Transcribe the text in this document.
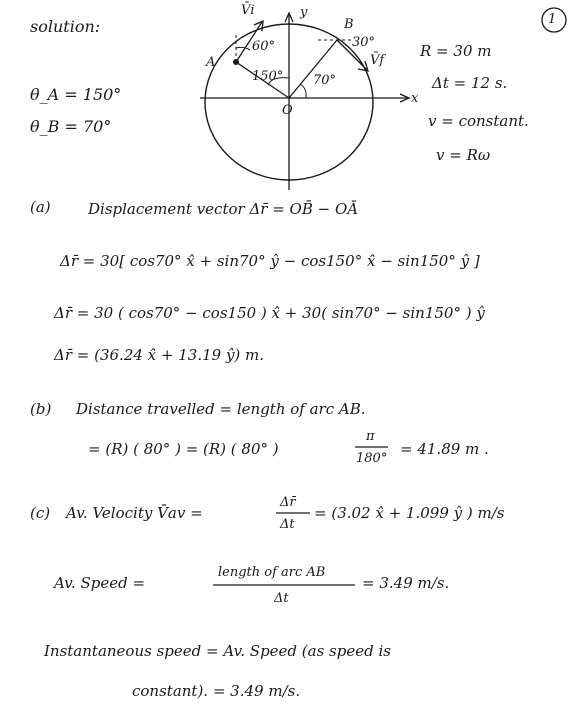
solution:	1
θ_A = 150°
θ_B = 70°
V̄i	y
x
A
B
O
60°
150° 70°
30°
V̄f
R = 30 m
Δt = 12 s.
v = constant.
v = Rω
(a) Displacement vector Δr̄ = OB̄ − OĀ
Δr̄ = 30[ cos70° x̂ + sin70° ŷ − cos150° x̂ − sin150° ŷ ]
Δr̄ = 30 ( cos70° − cos150 ) x̂ + 30( sin70° − sin150° ) ŷ
Δr̄ = (36.24 x̂ + 13.19 ŷ) m.
(b) Distance travelled = length of arc AB.
= (R) ( 80° ) = (R) ( 80° )
π
180°
= 41.89 m .
(c) Av. Velocity V̄av =
Δr̄
Δt
= (3.02 x̂ + 1.099 ŷ ) m/s
Av. Speed =
length of arc AB
Δt
= 3.49 m/s.
Instantaneous speed = Av. Speed (as speed is
constant). = 3.49 m/s.
